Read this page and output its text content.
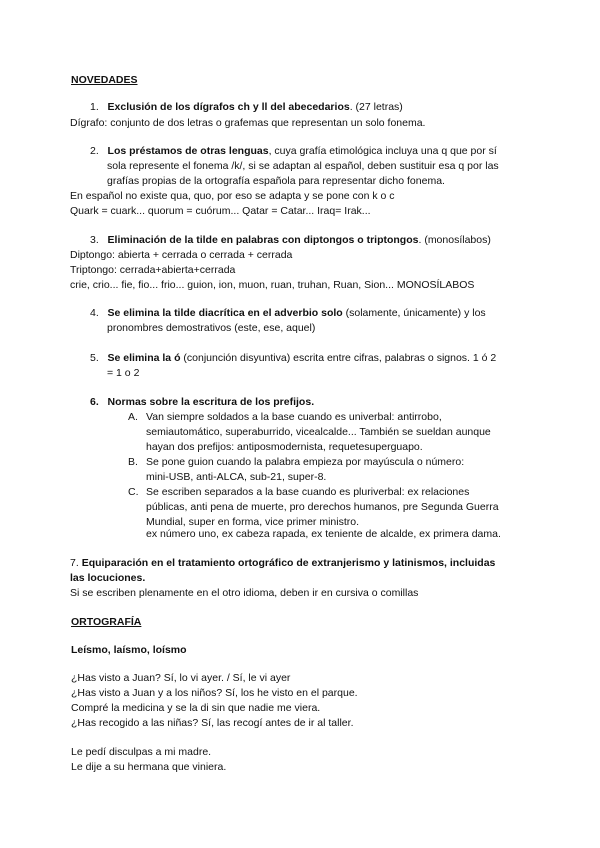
NOVEDADES
1. Exclusión de los dígrafos ch y ll del abecedarios. (27 letras)
Dígrafo: conjunto de dos letras o grafemas que representan un solo fonema.
2. Los préstamos de otras lenguas, cuya grafía etimológica incluya una q que por sí
sola represente el fonema /k/, si se adaptan al español, deben sustituir esa q por las
grafías propias de la ortografía española para representar dicho fonema.
En español no existe qua, quo, por eso se adapta y se pone con k o c
Quark = cuark... quorum = cuórum... Qatar = Catar... Iraq= Irak...
3. Eliminación de la tilde en palabras con diptongos o triptongos. (monosílabos)
Diptongo: abierta + cerrada o cerrada + cerrada
Triptongo: cerrada+abierta+cerrada
crie, crio... fie, fio... frio... guion, ion, muon, ruan, truhan, Ruan, Sion... MONOSÍLABOS
4. Se elimina la tilde diacrítica en el adverbio solo (solamente, únicamente) y los
pronombres demostrativos (este, ese, aquel)
5. Se elimina la ó (conjunción disyuntiva) escrita entre cifras, palabras o signos. 1 ó 2
= 1 o 2
6. Normas sobre la escritura de los prefijos.
A. Van siempre soldados a la base cuando es univerbal: antirrobo,
semiautomático, superaburrido, vicealcalde... También se sueldan aunque
hayan dos prefijos: antiposmodernista, requetesuperguapo.
B. Se pone guion cuando la palabra empieza por mayúscula o número:
mini-USB, anti-ALCA, sub-21, super-8.
C. Se escriben separados a la base cuando es pluriverbal: ex relaciones
públicas, anti pena de muerte, pro derechos humanos, pre Segunda Guerra
Mundial, super en forma, vice primer ministro.
ex número uno, ex cabeza rapada, ex teniente de alcalde, ex primera dama.
7. Equiparación en el tratamiento ortográfico de extranjerismo y latinismos, incluidas
las locuciones.
Si se escriben plenamente en el otro idioma, deben ir en cursiva o comillas
ORTOGRAFÍA
Leísmo, laísmo, loísmo
¿Has visto a Juan? Sí, lo vi ayer. / Sí, le vi ayer
¿Has visto a Juan y a los niños? Sí, los he visto en el parque.
Compré la medicina y se la di sin que nadie me viera.
¿Has recogido a las niñas? Sí, las recogí antes de ir al taller.
Le pedí disculpas a mi madre.
Le dije a su hermana que viniera.
